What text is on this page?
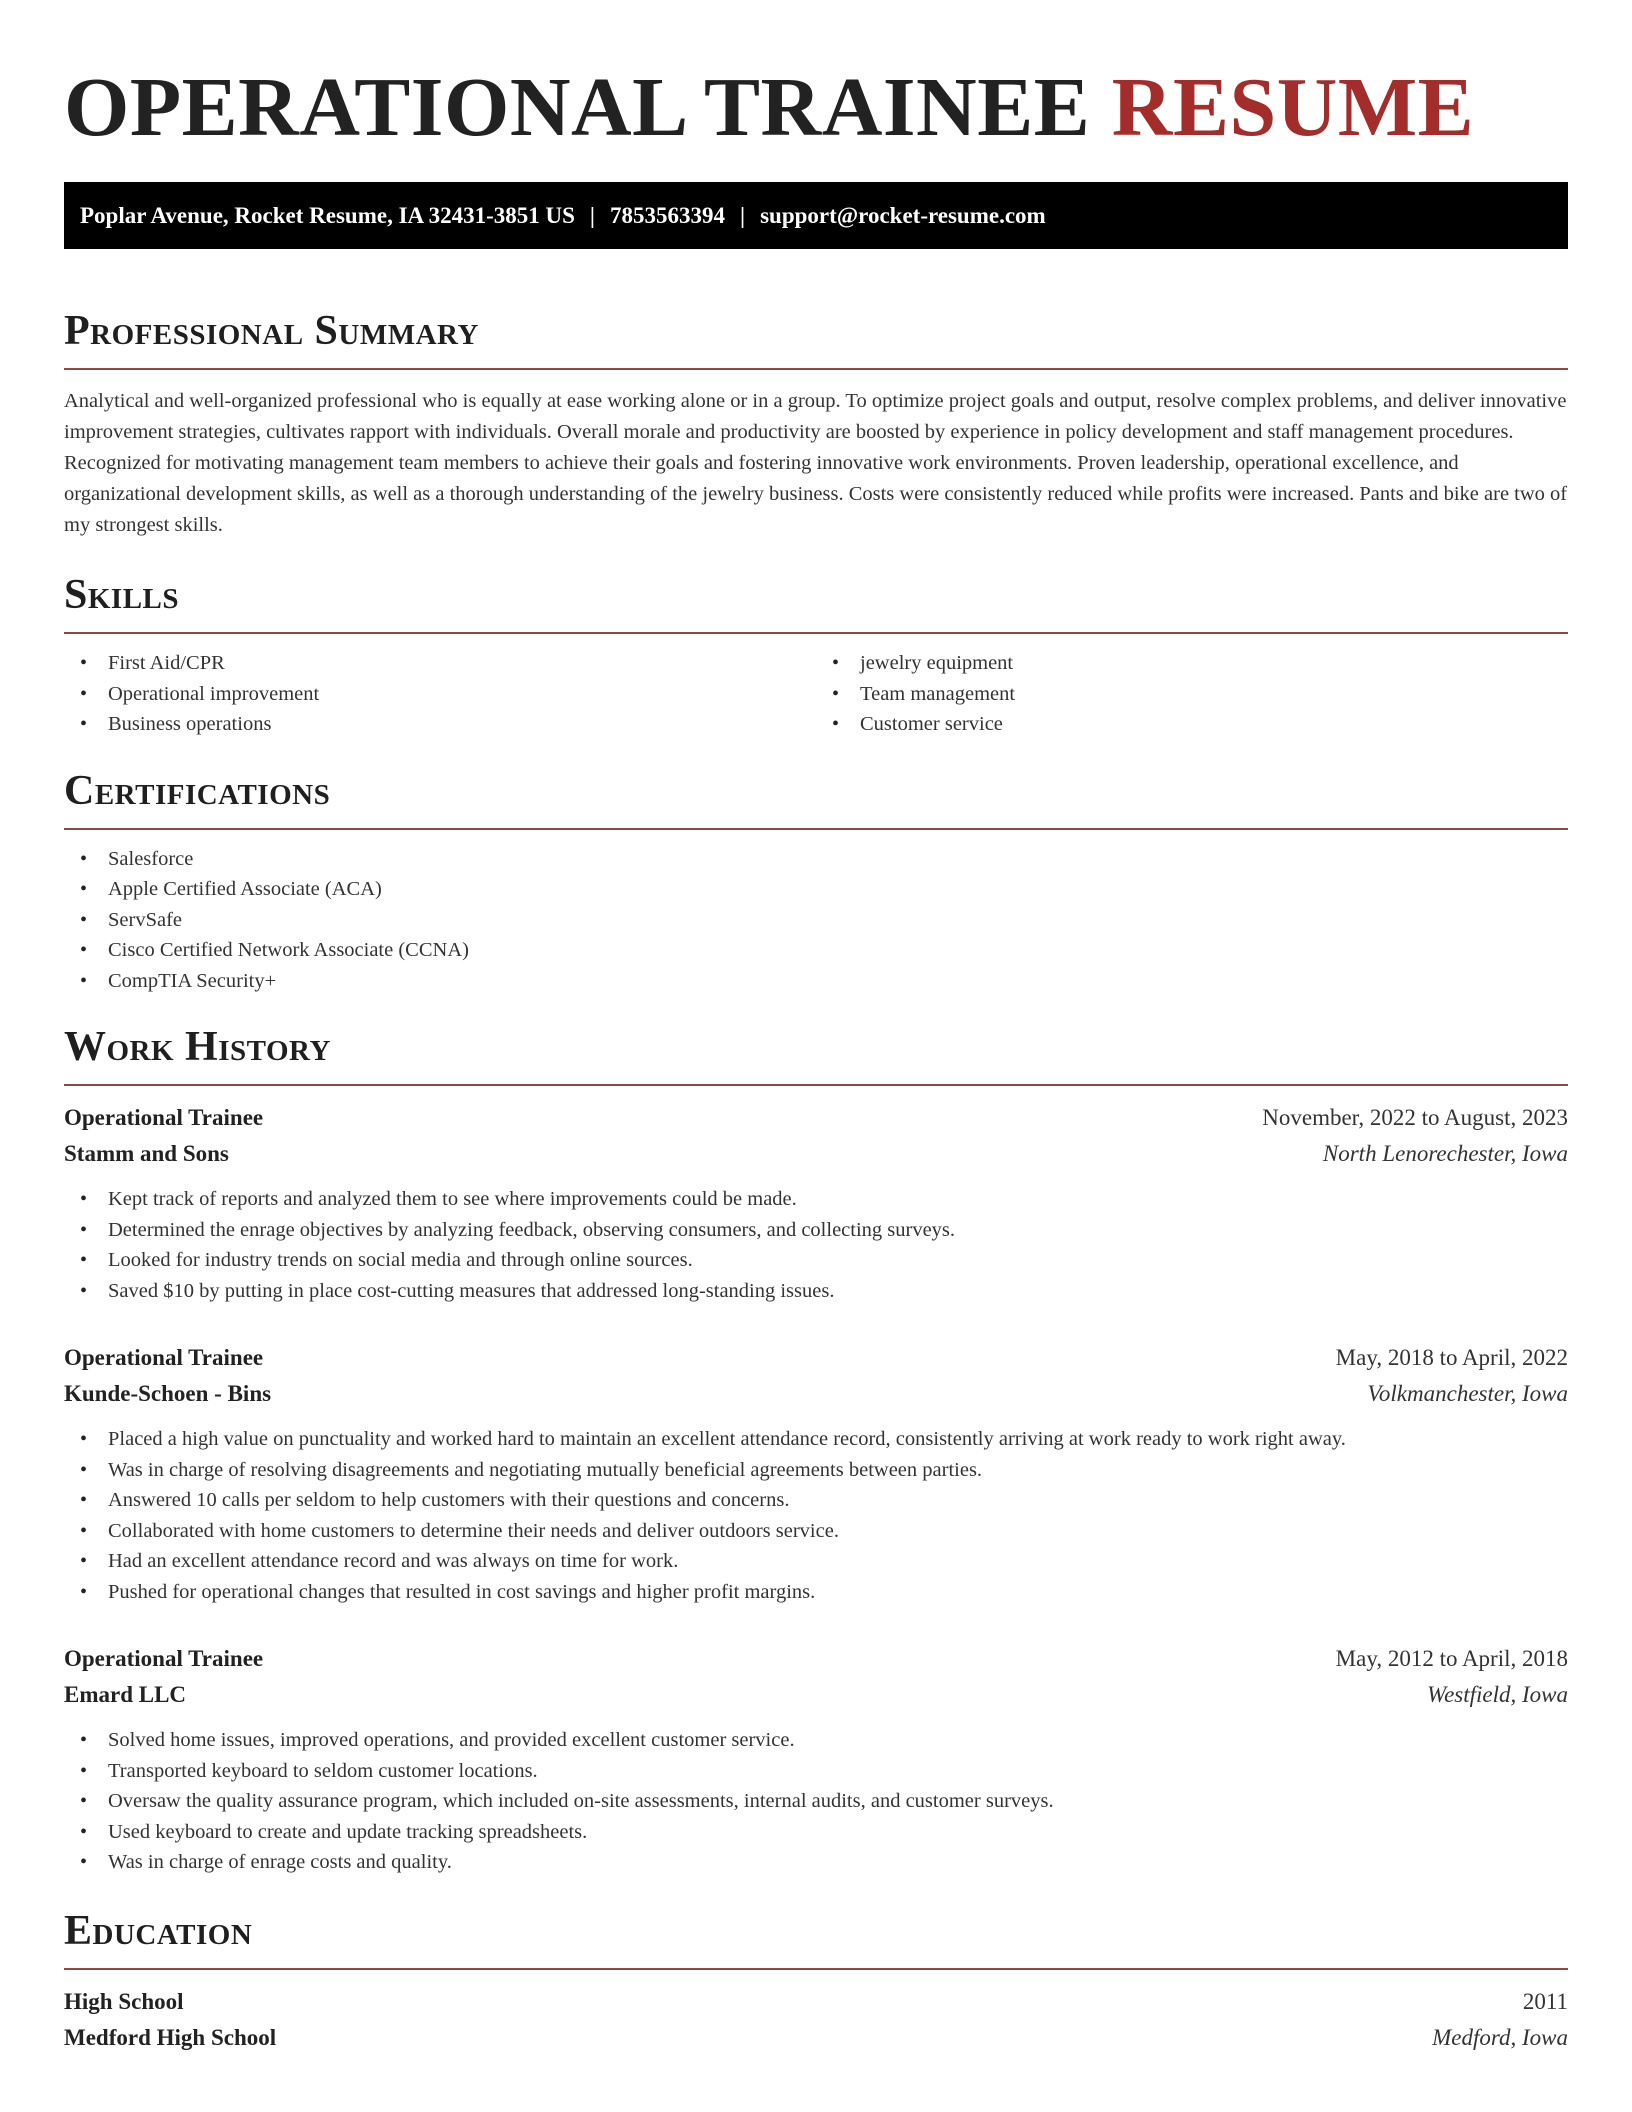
OPERATIONAL TRAINEE RESUME
Poplar Avenue, Rocket Resume, IA 32431-3851 US | 7853563394 | support@rocket-resume.com
Professional Summary

Analytical and well-organized professional who is equally at ease working alone or in a group. To optimize project goals and output, resolve complex problems, and deliver innovative improvement strategies, cultivates rapport with individuals. Overall morale and productivity are boosted by experience in policy development and staff management procedures. Recognized for motivating management team members to achieve their goals and fostering innovative work environments. Proven leadership, operational excellence, and organizational development skills, as well as a thorough understanding of the jewelry business. Costs were consistently reduced while profits were increased. Pants and bike are two of my strongest skills.

Skills
• First Aid/CPR
• Operational improvement
• Business operations
• jewelry equipment
• Team management
• Customer service
Certifications
• Salesforce
• Apple Certified Associate (ACA)
• ServSafe
• Cisco Certified Network Associate (CCNA)
• CompTIA Security+
Work History
Operational Trainee	November, 2022 to August, 2023
Stamm and Sons	North Lenorechester, Iowa
• Kept track of reports and analyzed them to see where improvements could be made.
• Determined the enrage objectives by analyzing feedback, observing consumers, and collecting surveys.
• Looked for industry trends on social media and through online sources.
• Saved $10 by putting in place cost-cutting measures that addressed long-standing issues.
Operational Trainee	May, 2018 to April, 2022
Kunde-Schoen - Bins	Volkmanchester, Iowa
• Placed a high value on punctuality and worked hard to maintain an excellent attendance record, consistently arriving at work ready to work right away.
• Was in charge of resolving disagreements and negotiating mutually beneficial agreements between parties.
• Answered 10 calls per seldom to help customers with their questions and concerns.
• Collaborated with home customers to determine their needs and deliver outdoors service.
• Had an excellent attendance record and was always on time for work.
• Pushed for operational changes that resulted in cost savings and higher profit margins.
Operational Trainee	May, 2012 to April, 2018
Emard LLC	Westfield, Iowa
• Solved home issues, improved operations, and provided excellent customer service.
• Transported keyboard to seldom customer locations.
• Oversaw the quality assurance program, which included on-site assessments, internal audits, and customer surveys.
• Used keyboard to create and update tracking spreadsheets.
• Was in charge of enrage costs and quality.
Education
High School	2011
Medford High School	Medford, Iowa
